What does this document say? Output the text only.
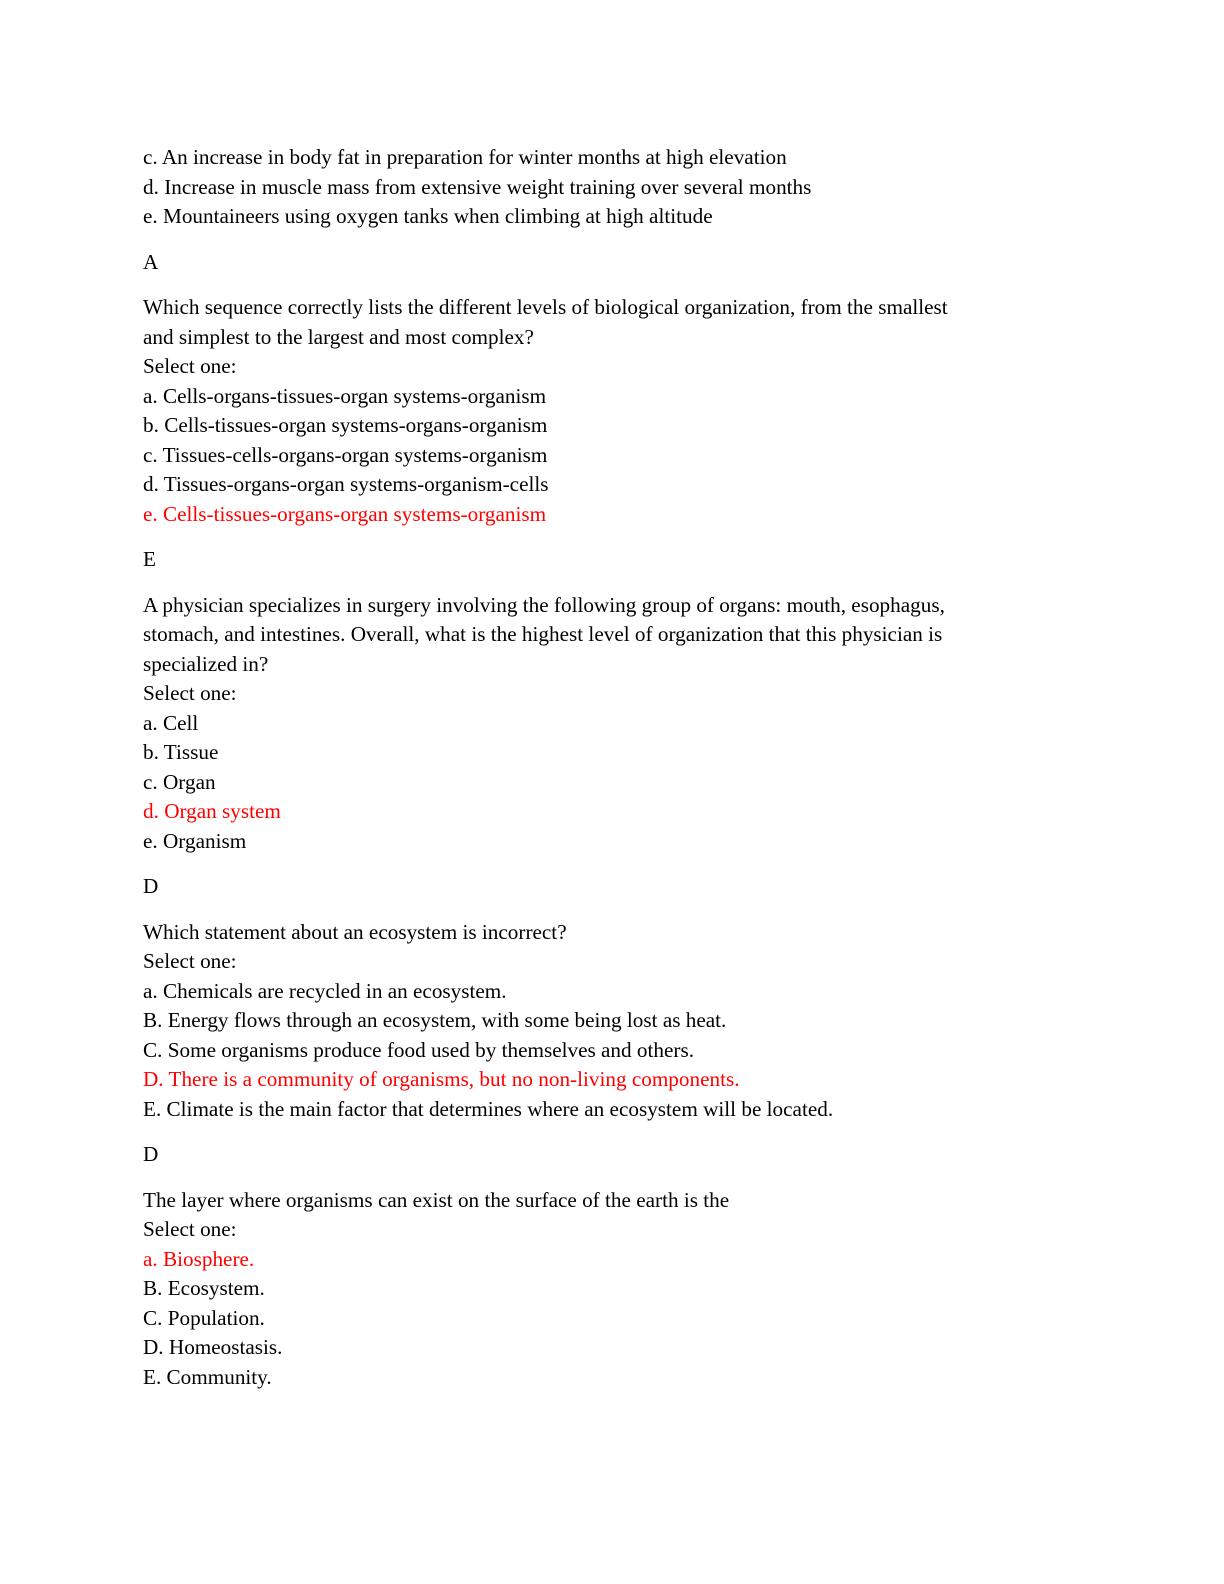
c. An increase in body fat in preparation for winter months at high elevation

d. Increase in muscle mass from extensive weight training over several months

e. Mountaineers using oxygen tanks when climbing at high altitude

A

Which sequence correctly lists the different levels of biological organization, from the smallest

and simplest to the largest and most complex?

Select one:

a. Cells-organs-tissues-organ systems-organism

b. Cells-tissues-organ systems-organs-organism

c. Tissues-cells-organs-organ systems-organism

d. Tissues-organs-organ systems-organism-cells

e. Cells-tissues-organs-organ systems-organism

E

A physician specializes in surgery involving the following group of organs: mouth, esophagus,

stomach, and intestines. Overall, what is the highest level of organization that this physician is

specialized in?

Select one:

a. Cell

b. Tissue

c. Organ

d. Organ system

e. Organism

D

Which statement about an ecosystem is incorrect?

Select one:

a. Chemicals are recycled in an ecosystem.

B. Energy flows through an ecosystem, with some being lost as heat.

C. Some organisms produce food used by themselves and others.

D. There is a community of organisms, but no non-living components.

E. Climate is the main factor that determines where an ecosystem will be located.

D

The layer where organisms can exist on the surface of the earth is the

Select one:

a. Biosphere.

B. Ecosystem.

C. Population.

D. Homeostasis.

E. Community.
